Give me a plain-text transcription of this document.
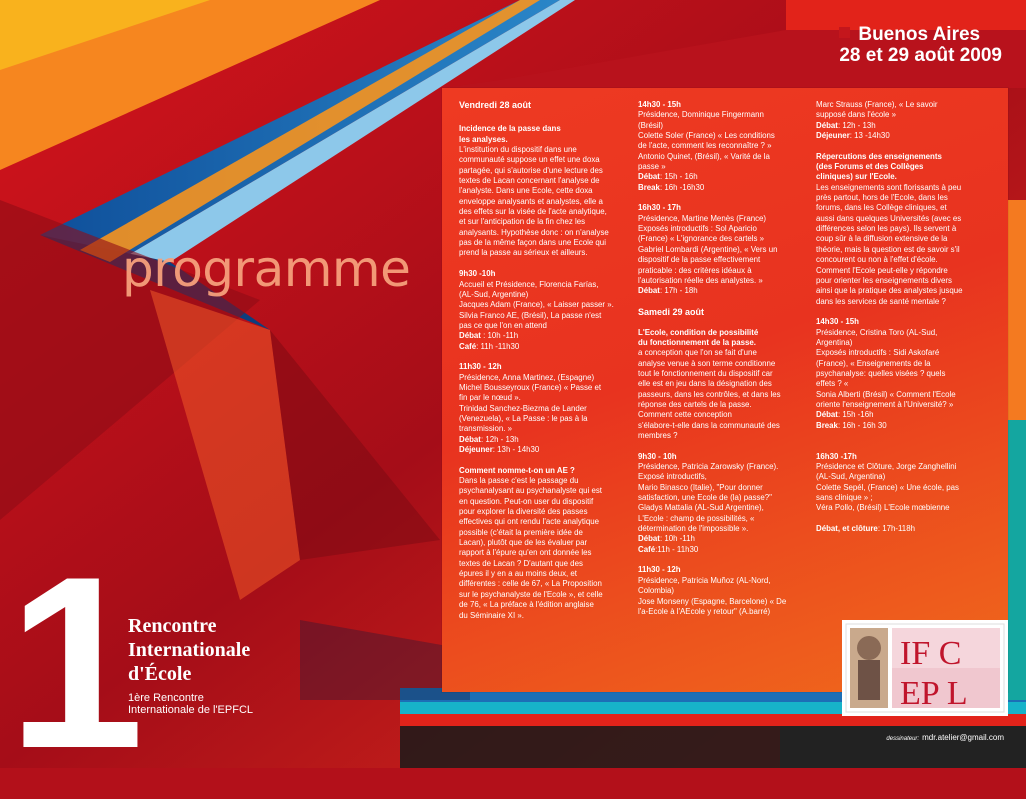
Buenos Aires
28 et 29 août 2009
programme
Vendredi 28 août
Incidence de la passe dans
les analyses.
L'institution du dispositif dans une
communauté suppose un effet une doxa
partagée, qui s'autorise d'une lecture des
textes de Lacan concernant l'analyse de
l'analyste. Dans une Ecole, cette doxa
enveloppe analysants et analystes, elle a
des effets sur la visée de l'acte analytique,
et sur l'anticipation de la fin chez les
analysants. Hypothèse donc : on n'analyse
pas de la même façon dans une Ecole qui
prend la passe au sérieux et ailleurs.
9h30 -10h
Accueil et Présidence, Florencia Farías,
(AL-Sud, Argentine)
Jacques Adam (France), « Laisser passer ».
Silvia Franco AE, (Brésil), La passe n'est
pas ce que l'on en attend
Débat : 10h -11h
Café: 11h -11h30
11h30 - 12h
Présidence, Anna Martinez, (Espagne)
Michel Bousseyroux (France) « Passe et
fin par le nœud ».
Trinidad Sanchez-Biezma de Lander
(Venezuela), « La Passe : le pas à la
transmission. »
Débat: 12h - 13h
Déjeuner: 13h - 14h30
Comment nomme-t-on un AE ?
Dans la passe c'est le passage du
psychanalysant au psychanalyste qui est
en question. Peut-on user du dispositif
pour explorer la diversité des passes
effectives qui ont rendu l'acte analytique
possible (c'était la première idée de
Lacan), plutôt que de les évaluer par
rapport à l'épure qu'en ont donnée les
textes de Lacan ? D'autant que des
épures il y en a au moins deux, et
différentes : celle de 67, « La Proposition
sur le psychanalyste de l'Ecole », et celle
de 76, « La préface à l'édition anglaise
du Séminaire XI ».
14h30 - 15h
Présidence, Dominique Fingermann
(Brésil)
Colette Soler (France) « Les conditions
de l'acte, comment les reconnaître ? »
Antonio Quinet, (Brésil), « Varité de la
passe »
Débat: 15h - 16h
Break: 16h -16h30
16h30 - 17h
Présidence, Martine Menès (France)
Exposés introductifs : Sol Aparicio
(France) « L'ignorance des cartels »
Gabriel Lombardi (Argentine), « Vers un
dispositif de la passe effectivement
praticable : des critères idéaux à
l'autorisation réelle des analystes. »
Débat: 17h - 18h
Samedi 29 août
L'Ecole, condition de possibilité
du fonctionnement de la passe.
a conception que l'on se fait d'une
analyse venue à son terme conditionne
tout le fonctionnement du dispositif car
elle est en jeu dans la désignation des
passeurs, dans les contrôles, et dans les
réponse des cartels de la passe.
Comment cette conception
s'élabore-t-elle dans la communauté des
membres ?
9h30 - 10h
Présidence, Patricia Zarowsky (France).
Exposé introductifs,
Mario Binasco (Italie), "Pour donner
satisfaction, une Ecole de (la) passe?"
Gladys Mattalia (AL-Sud Argentine),
L'Ecole : champ de possibilités, «
détermination de l'impossible ».
Débat: 10h -11h
Café:11h - 11h30
11h30 - 12h
Présidence, Patricia Muñoz (AL-Nord,
Colombia)
Jose Monseny (Espagne, Barcelone) « De
l'a-Ecole à l'AEcole y retour" (A.barré)
Marc Strauss (France), « Le savoir
supposé dans l'école »
Débat: 12h - 13h
Déjeuner: 13 -14h30
Répercutions des enseignements
(des Forums et des Collèges
cliniques) sur l'Ecole.
Les enseignements sont florissants à peu
près partout, hors de l'Ecole, dans les
forums, dans les Collège cliniques, et
aussi dans quelques Universités (avec es
différences selon les pays). Ils servent à
coup sûr à la diffusion extensive de la
théorie, mais la question est de savoir s'il
concourent ou non à l'effet d'école.
Comment l'Ecole peut-elle y répondre
pour orienter les enseignements divers
ainsi que la pratique des analystes jusque
dans les services de santé mentale ?
14h30 - 15h
Présidence, Cristina Toro (AL-Sud,
Argentina)
Exposés introductifs : Sidi Askofaré
(France), « Enseignements de la
psychanalyse: quelles visées ? quels
effets ? «
Sonia Alberti (Brésil) « Comment l'Ecole
oriente l'enseignement à l'Université? »
Débat: 15h -16h
Break: 16h - 16h 30
16h30 -17h
Présidence et Clôture, Jorge Zanghellini
(AL-Sud, Argentina)
Colette Sepél, (France) « Une école, pas
sans clinique » ;
Véra Pollo, (Brésil) L'Ecole mœbienne
Débat, et clôture: 17h-118h
1
Rencontre
Internationale
d'École
1ère Rencontre
Internationale de l'EPFCL
IF C
EP L
dessinateur: mdr.atelier@gmail.com
